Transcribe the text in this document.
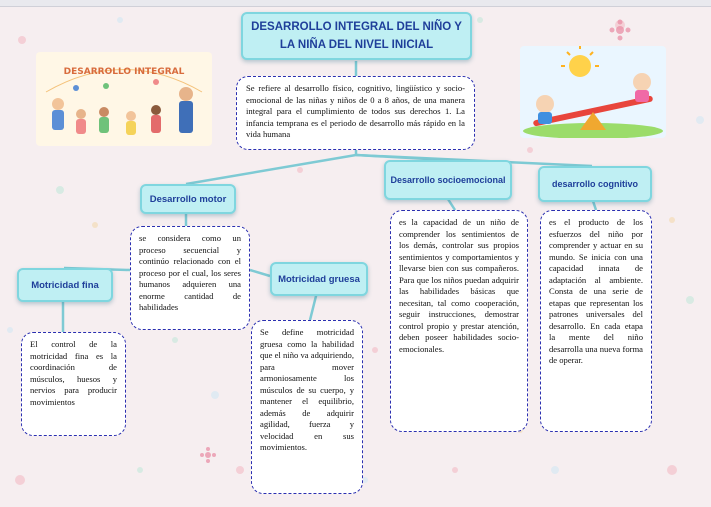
DESARROLLO INTEGRAL
DESARROLLO INTEGRAL DEL NIÑO Y LA NIÑA DEL NIVEL INICIAL
Se refiere al desarrollo físico, cognitivo, lingüístico y socio-emocional de las niñas y niños de 0 a 8 años, de una manera integral para el cumplimiento de todos sus derechos 1. La infancia temprana es el periodo de desarrollo más rápido en la vida humana
Desarrollo motor
Desarrollo socioemocional	desarrollo cognitivo
Motricidad fina
Motricidad gruesa
se considera como un proceso secuencial y continúo relacionado con el proceso por el cual, los seres humanos adquieren una enorme cantidad de habilidades
El control de la motricidad fina es la coordinación de músculos, huesos y nervios para producir movimientos
Se define motricidad gruesa como la habilidad que el niño va adquiriendo, para mover armoniosamente los músculos de su cuerpo, y mantener el equilibrio, además de adquirir agilidad, fuerza y velocidad en sus movimientos.
es la capacidad de un niño de comprender los sentimientos de los demás, controlar sus propios sentimientos y comportamientos y llevarse bien con sus compañeros. Para que los niños puedan adquirir las habilidades básicas que necesitan, tal como cooperación, seguir instrucciones, demostrar control propio y prestar atención, deben poseer habilidades socio-emocionales.
es el producto de los esfuerzos del niño por comprender y actuar en su mundo. Se inicia con una capacidad innata de adaptación al ambiente. Consta de una serie de etapas que representan los patrones universales del desarrollo. En cada etapa la mente del niño desarrolla una nueva forma de operar.
